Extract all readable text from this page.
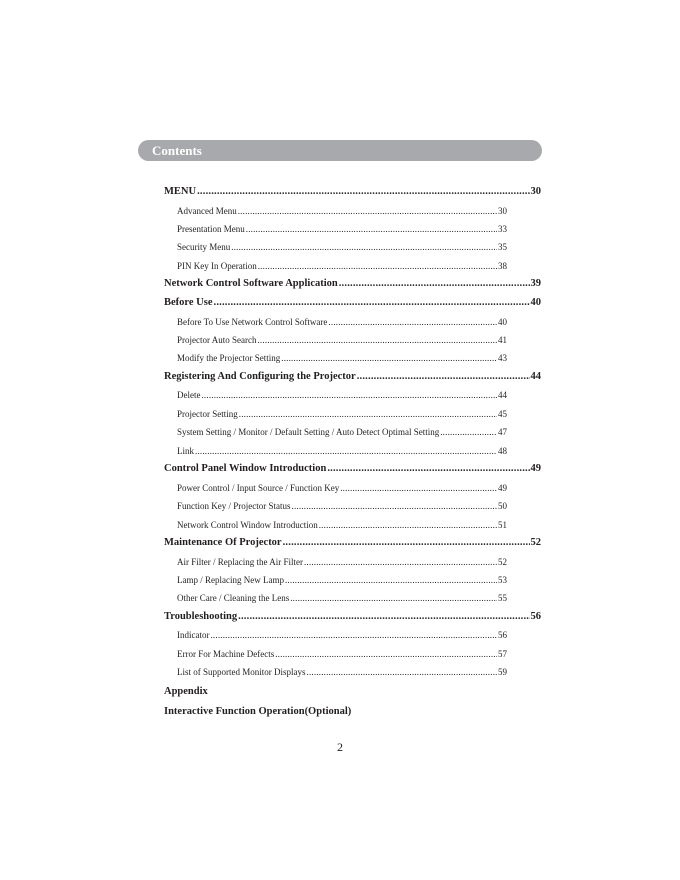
Contents
MENU .....	30
Advanced Menu .....	30
Presentation Menu .....	33
Security Menu .....	35
PIN Key In Operation .....	38
Network Control Software Application .....	39
Before Use .....	40
Before To Use Network Control Software .....	40
Projector Auto Search .....	41
Modify the Projector Setting .....	43
Registering And Configuring the Projector .....	44
Delete .....	44
Projector Setting .....	45
System Setting / Monitor / Default Setting / Auto Detect Optimal Setting .....	47
Link .....	48
Control Panel Window Introduction .....	49
Power Control / Input Source / Function Key .....	49
Function Key / Projector Status .....	50
Network Control Window Introduction .....	51
Maintenance Of Projector .....	52
Air Filter / Replacing the Air Filter .....	52
Lamp / Replacing New Lamp .....	53
Other Care / Cleaning the Lens .....	55
Troubleshooting .....	56
Indicator .....	56
Error For Machine Defects .....	57
List of Supported Monitor Displays .....	59
Appendix
Interactive Function Operation(Optional)
2
